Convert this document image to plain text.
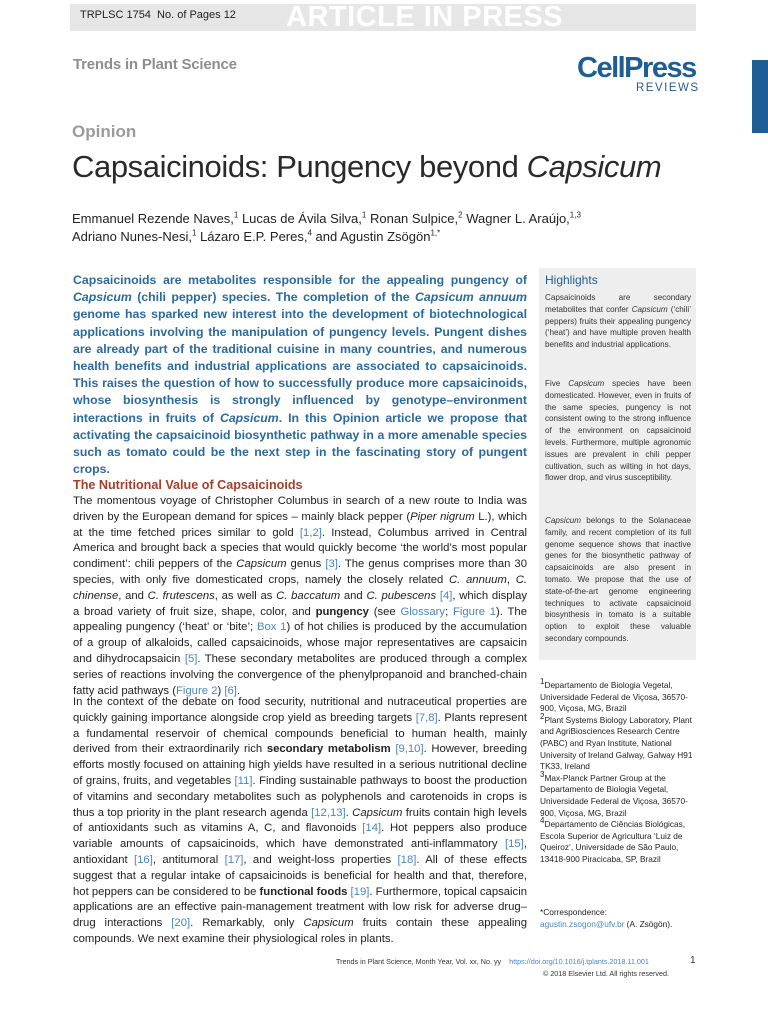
TRPLSC 1754  No. of Pages 12 ARTICLE IN PRESS
Trends in Plant Science	CellPress
REVIEWS
Opinion
Capsaicinoids: Pungency beyond Capsicum
Emmanuel Rezende Naves,$^1$ Lucas de Ávila Silva,$^1$ Ronan Sulpice,$^2$ Wagner L. Araújo,$^{1,3}$
Adriano Nunes-Nesi,$^1$ Lázaro E.P. Peres,$^4$ and Agustin Zsögön$^{1,*}$
Capsaicinoids are metabolites responsible for the appealing pungency of Capsicum (chili pepper) species. The completion of the Capsicum annuum genome has sparked new interest into the development of biotechnological applications involving the manipulation of pungency levels. Pungent dishes are already part of the traditional cuisine in many countries, and numerous health benefits and industrial applications are associated to capsaicinoids. This raises the question of how to successfully produce more capsaicinoids, whose biosynthesis is strongly influenced by genotype–environment interactions in fruits of Capsicum. In this Opinion article we propose that activating the capsaicinoid biosynthetic pathway in a more amenable species such as tomato could be the next step in the fascinating story of pungent crops.
The Nutritional Value of Capsaicinoids
The momentous voyage of Christopher Columbus in search of a new route to India was driven by the European demand for spices – mainly black pepper (Piper nigrum L.), which at the time fetched prices similar to gold [1,2]. Instead, Columbus arrived in Central America and brought back a species that would quickly become ‘the world’s most popular condiment’: chili peppers of the Capsicum genus [3]. The genus comprises more than 30 species, with only five domesticated crops, namely the closely related C. annuum, C. chinense, and C. frutescens, as well as C. baccatum and C. pubescens [4], which display a broad variety of fruit size, shape, color, and pungency (see Glossary; Figure 1). The appealing pungency (‘heat’ or ‘bite’; Box 1) of hot chilies is produced by the accumulation of a group of alkaloids, called capsaicinoids, whose major representatives are capsaicin and dihydrocapsaicin [5]. These secondary metabolites are produced through a complex series of reactions involving the convergence of the phenylpropanoid and branched-chain fatty acid pathways (Figure 2) [6].
In the context of the debate on food security, nutritional and nutraceutical properties are quickly gaining importance alongside crop yield as breeding targets [7,8]. Plants represent a fundamental reservoir of chemical compounds beneficial to human health, mainly derived from their extraordinarily rich secondary metabolism [9,10]. However, breeding efforts mostly focused on attaining high yields have resulted in a serious nutritional decline of grains, fruits, and vegetables [11]. Finding sustainable pathways to boost the production of vitamins and secondary metabolites such as polyphenols and carotenoids in crops is thus a top priority in the plant research agenda [12,13]. Capsicum fruits contain high levels of antioxidants such as vitamins A, C, and flavonoids [14]. Hot peppers also produce variable amounts of capsaicinoids, which have demonstrated anti-inflammatory [15], antioxidant [16], antitumoral [17], and weight-loss properties [18]. All of these effects suggest that a regular intake of capsaicinoids is beneficial for health and that, therefore, hot peppers can be considered to be functional foods [19]. Furthermore, topical capsaicin applications are an effective pain-management treatment with low risk for adverse drug–drug interactions [20]. Remarkably, only Capsicum fruits contain these appealing compounds. We next examine their physiological roles in plants.
Highlights
Capsaicinoids are secondary metabolites that confer Capsicum (‘chili’ peppers) fruits their appealing pungency (‘heat’) and have multiple proven health benefits and industrial applications.
Five Capsicum species have been domesticated. However, even in fruits of the same species, pungency is not consistent owing to the strong influence of the environment on capsaicinoid levels. Furthermore, multiple agronomic issues are prevalent in chili pepper cultivation, such as wilting in hot days, flower drop, and virus susceptibility.
Capsicum belongs to the Solanaceae family, and recent completion of its full genome sequence shows that inactive genes for the biosynthetic pathway of capsaicinoids are also present in tomato. We propose that the use of state-of-the-art genome engineering techniques to activate capsaicinoid biosynthesis in tomato is a suitable option to exploit these valuable secondary compounds.
$^1$Departamento de Biologia Vegetal, Universidade Federal de Viçosa, 36570-900, Viçosa, MG, Brazil
$^2$Plant Systems Biology Laboratory, Plant and AgriBiosciences Research Centre (PABC) and Ryan Institute, National University of Ireland Galway, Galway H91 TK33, Ireland
$^3$Max-Planck Partner Group at the Departamento de Biologia Vegetal, Universidade Federal de Viçosa, 36570-900, Viçosa, MG, Brazil
$^4$Departamento de Ciências Biológicas, Escola Superior de Agricultura ‘Luiz de Queiroz’, Universidade de São Paulo, 13418-900 Piracicaba, SP, Brazil
*Correspondence:
agustin.zsogon@ufv.br (A. Zsögön).
Trends in Plant Science, Month Year, Vol. xx, No. yy https://doi.org/10.1016/j.tplants.2018.11.001	1
© 2018 Elsevier Ltd. All rights reserved.
